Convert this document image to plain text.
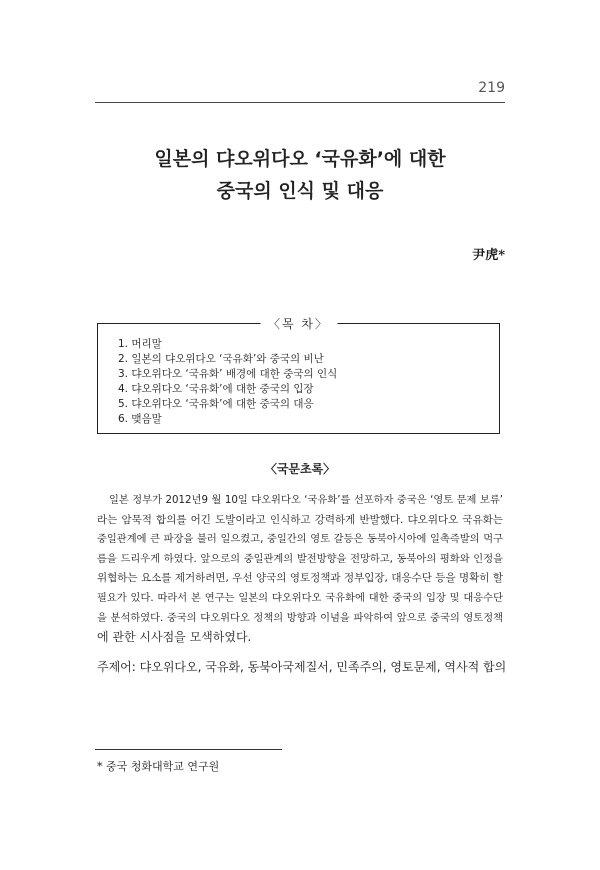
219
일본의 댜오위다오 ‘국유화’에 대한
중국의 인식 및 대응
尹虎*
〈목 차〉
1. 머리말
2. 일본의 댜오위다오 ‘국유화’와 중국의 비난
3. 댜오위다오 ‘국유화’ 배경에 대한 중국의 인식
4. 댜오위다오 ‘국유화’에 대한 중국의 입장
5. 댜오위다오 ‘국유화’에 대한 중국의 대응
6. 맺음말
〈국문초록〉
일본 정부가 2012년9 월 10일 댜오위다오 ‘국유화’를 선포하자 중국은 ‘영토 문제 보류’
라는 암묵적 합의를 어긴 도발이라고 인식하고 강력하게 반발했다. 댜오위다오 국유화는
중일관계에 큰 파장을 불러 일으켰고, 중일간의 영토 갈등은 동북아시아에 일촉즉발의 먹구
름을 드리우게 하였다. 앞으로의 중일관계의 발전방향을 전망하고, 동북아의 평화와 인정을
위협하는 요소를 제거하려면, 우선 양국의 영토정책과 정부입장, 대응수단 등을 명확히 할
필요가 있다. 따라서 본 연구는 일본의 댜오위다오 국유화에 대한 중국의 입장 및 대응수단
을 분석하였다. 중국의 댜오위다오 정책의 방향과 이념을 파악하여 앞으로 중국의 영토정책
에 관한 시사점을 모색하였다.
주제어: 댜오위다오, 국유화, 동북아국제질서, 민족주의, 영토문제, 역사적 합의
* 중국 청화대학교 연구원
